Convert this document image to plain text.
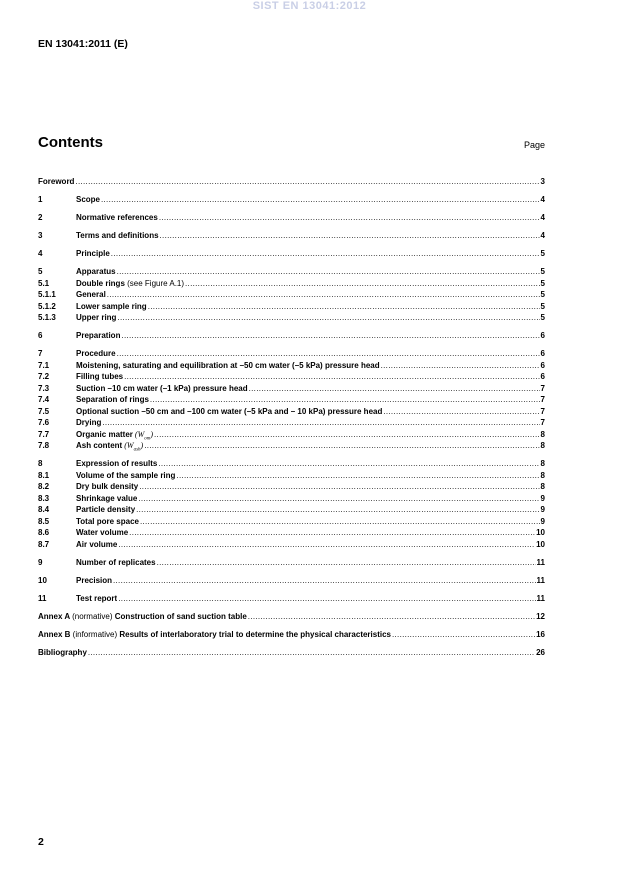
SIST EN 13041:2012
EN 13041:2011 (E)
Contents	Page
Foreword .....	3
1	Scope .....	4
2	Normative references .....	4
3	Terms and definitions .....	4
4	Principle .....	5
5	Apparatus .....	5
5.1	Double rings (see Figure A.1) .....	5
5.1.1	General .....	5
5.1.2	Lower sample ring .....	5
5.1.3	Upper ring .....	5
6	Preparation .....	6
7	Procedure .....	6
7.1	Moistening, saturating and equilibration at –50 cm water (–5 kPa) pressure head .....	6
7.2	Filling tubes .....	6
7.3	Suction –10 cm water (–1 kPa) pressure head .....	7
7.4	Separation of rings .....	7
7.5	Optional suction –50 cm and –100 cm water (–5 kPa and – 10 kPa) pressure head .....	7
7.6	Drying .....	7
7.7	Organic matter $(W_{om})$ .....	8
7.8	Ash content $(W_{ash})$ .....	8
8	Expression of results .....	8
8.1	Volume of the sample ring .....	8
8.2	Dry bulk density .....	8
8.3	Shrinkage value .....	9
8.4	Particle density .....	9
8.5	Total pore space .....	9
8.6	Water volume .....	10
8.7	Air volume .....	10
9	Number of replicates .....	11
10	Precision .....	11
11	Test report .....	11
Annex A (normative) Construction of sand suction table .....	12
Annex B (informative) Results of interlaboratory trial to determine the physical characteristics .....	16
Bibliography .....	26
2
